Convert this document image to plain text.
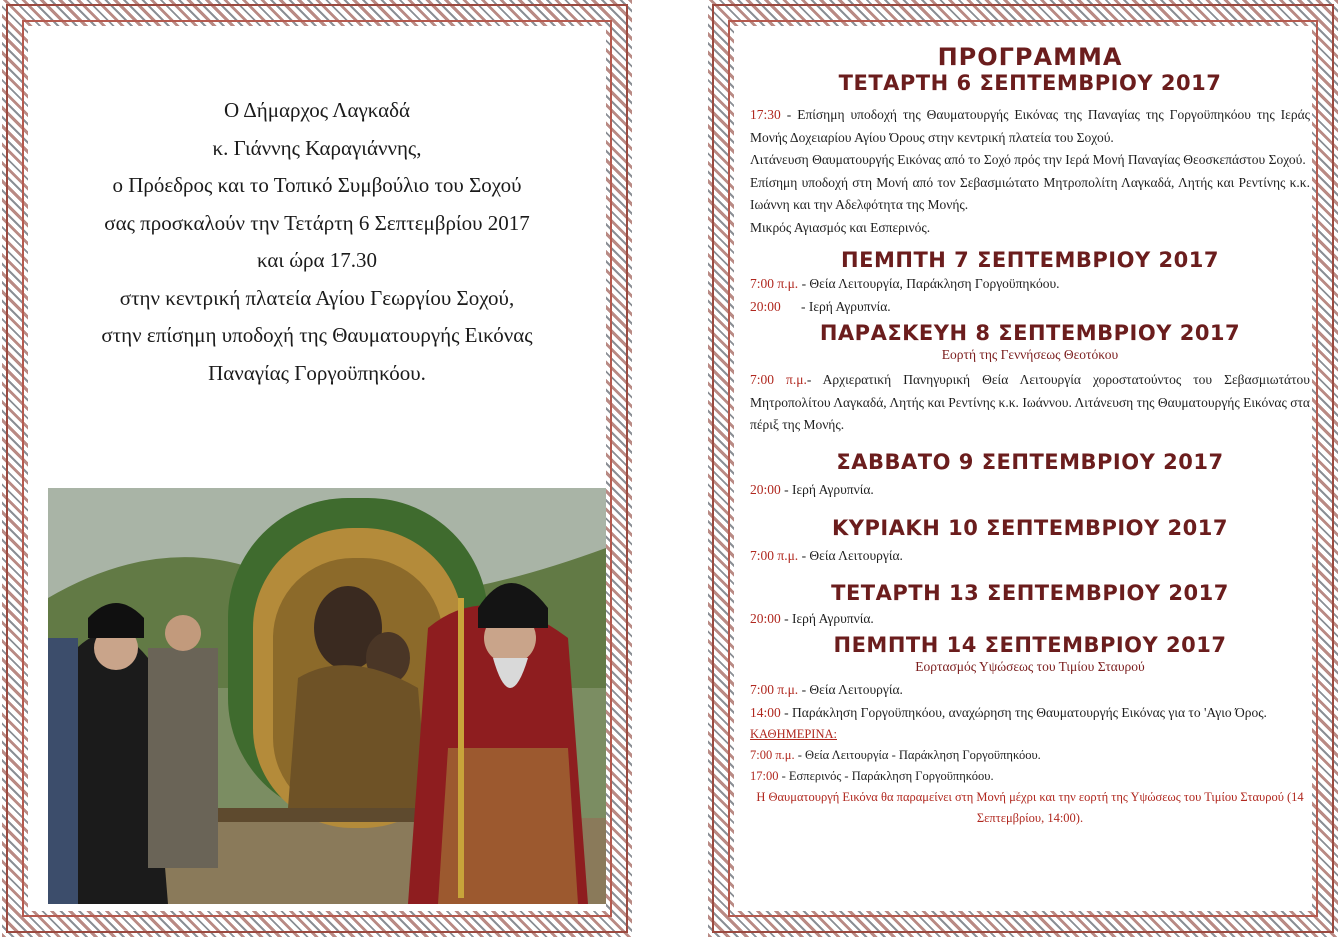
Ο Δήμαρχος Λαγκαδά
κ. Γιάννης Καραγιάννης,
ο Πρόεδρος και το Τοπικό Συμβούλιο του Σοχού
σας προσκαλούν την Τετάρτη 6 Σεπτεμβρίου 2017
και ώρα 17.30
στην κεντρική πλατεία Αγίου Γεωργίου Σοχού,
στην επίσημη υποδοχή της Θαυματουργής Εικόνας
Παναγίας Γοργοϋπηκόου.
ΠΡΟΓΡΑΜΜΑ
ΤΕΤΑΡΤΗ 6 ΣΕΠΤΕΜΒΡΙΟΥ 2017

17:30 - Επίσημη υποδοχή της Θαυματουργής Εικόνας της Παναγίας της Γοργοϋπηκόου της Ιεράς Μονής Δοχειαρίου Αγίου Όρους στην κεντρική πλατεία του Σοχού.

Λιτάνευση Θαυματουργής Εικόνας από το Σοχό πρός την Ιερά Μονή Παναγίας Θεοσκεπάστου Σοχού.

Επίσημη υποδοχή στη Μονή από τον Σεβασμιώτατο Μητροπολίτη Λαγκαδά, Λητής και Ρεντίνης κ.κ. Ιωάννη και την Αδελφότητα της Μονής.

Μικρός Αγιασμός και Εσπερινός.

ΠΕΜΠΤΗ 7 ΣΕΠΤΕΜΒΡΙΟΥ 2017

7:00 π.μ. - Θεία Λειτουργία, Παράκληση Γοργοϋπηκόου.

20:00      - Ιερή Αγρυπνία.

ΠΑΡΑΣΚΕΥΗ 8 ΣΕΠΤΕΜΒΡΙΟΥ 2017
Εορτή της Γεννήσεως Θεοτόκου

7:00 π.μ.- Αρχιερατική Πανηγυρική Θεία Λειτουργία χοροστατούντος του Σεβασμιωτάτου Μητροπολίτου Λαγκαδά, Λητής και Ρεντίνης κ.κ. Ιωάννου. Λιτάνευση της Θαυματουργής Εικόνας στα πέριξ της Μονής.

ΣΑΒΒΑΤΟ 9 ΣΕΠΤΕΜΒΡΙΟΥ 2017

20:00 - Ιερή Αγρυπνία.

ΚΥΡΙΑΚΗ 10 ΣΕΠΤΕΜΒΡΙΟΥ 2017

7:00 π.μ. - Θεία Λειτουργία.

ΤΕΤΑΡΤΗ 13 ΣΕΠΤΕΜΒΡΙΟΥ 2017

20:00 - Ιερή Αγρυπνία.

ΠΕΜΠΤΗ 14 ΣΕΠΤΕΜΒΡΙΟΥ 2017
Εορτασμός Υψώσεως του Τιμίου Σταυρού

7:00 π.μ. - Θεία Λειτουργία.

14:00 - Παράκληση Γοργοϋπηκόου, αναχώρηση της Θαυματουργής Εικόνας για το 'Αγιο Όρος.

ΚΑΘΗΜΕΡΙΝΑ:

7:00 π.μ. - Θεία Λειτουργία - Παράκληση Γοργοϋπηκόου.

17:00 - Εσπερινός - Παράκληση Γοργοϋπηκόου.

Η Θαυματουργή Εικόνα θα παραμείνει στη Μονή μέχρι και την εορτή της Υψώσεως του Τιμίου Σταυρού (14 Σεπτεμβρίου, 14:00).
